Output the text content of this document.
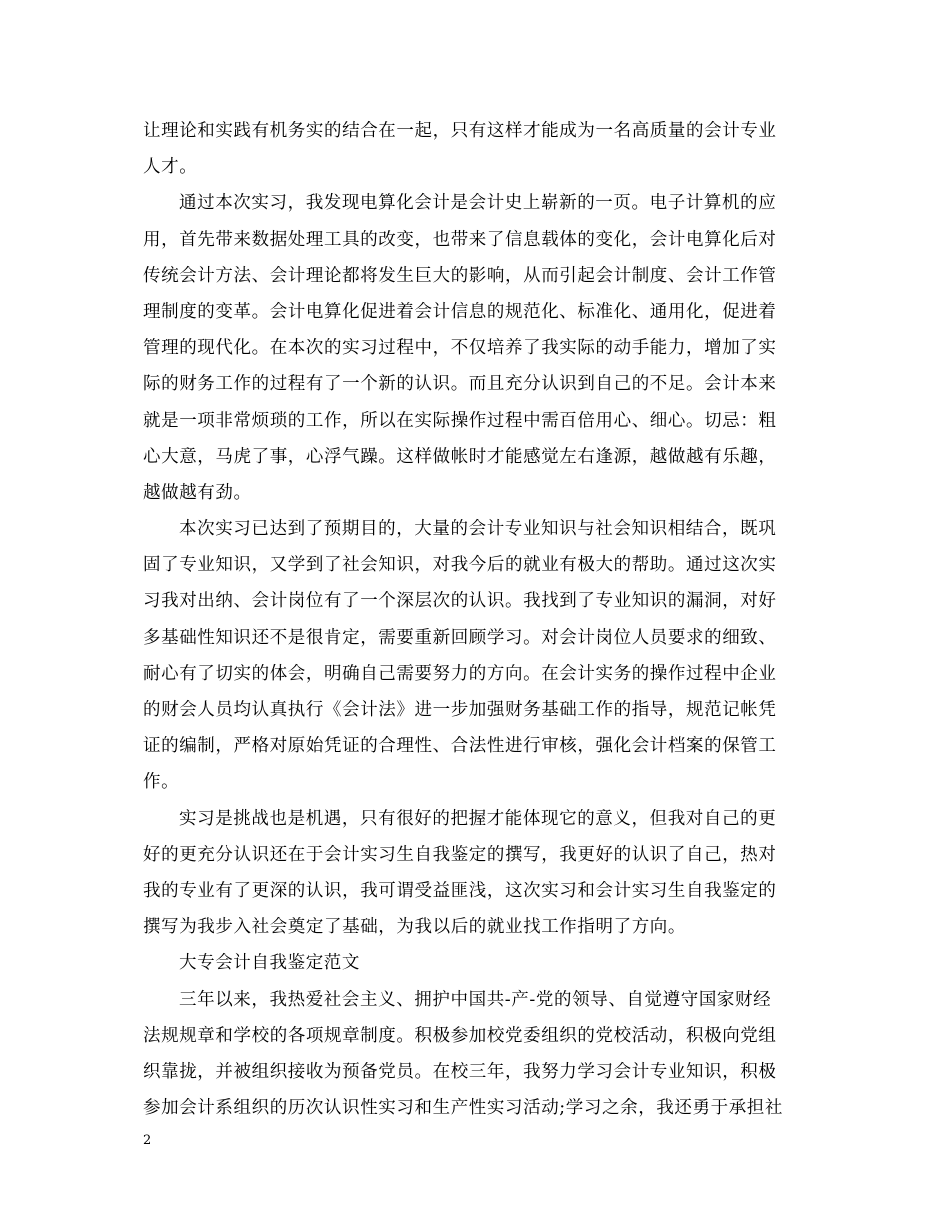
让理论和实践有机务实的结合在一起，只有这样才能成为一名高质量的会计专业
人才。
通过本次实习，我发现电算化会计是会计史上崭新的一页。电子计算机的应
用，首先带来数据处理工具的改变，也带来了信息载体的变化，会计电算化后对
传统会计方法、会计理论都将发生巨大的影响，从而引起会计制度、会计工作管
理制度的变革。会计电算化促进着会计信息的规范化、标准化、通用化，促进着
管理的现代化。在本次的实习过程中，不仅培养了我实际的动手能力，增加了实
际的财务工作的过程有了一个新的认识。而且充分认识到自己的不足。会计本来
就是一项非常烦琐的工作，所以在实际操作过程中需百倍用心、细心。切忌：粗
心大意，马虎了事，心浮气躁。这样做帐时才能感觉左右逢源，越做越有乐趣，
越做越有劲。
本次实习已达到了预期目的，大量的会计专业知识与社会知识相结合，既巩
固了专业知识，又学到了社会知识，对我今后的就业有极大的帮助。通过这次实
习我对出纳、会计岗位有了一个深层次的认识。我找到了专业知识的漏洞，对好
多基础性知识还不是很肯定，需要重新回顾学习。对会计岗位人员要求的细致、
耐心有了切实的体会，明确自己需要努力的方向。在会计实务的操作过程中企业
的财会人员均认真执行《会计法》进一步加强财务基础工作的指导，规范记帐凭
证的编制，严格对原始凭证的合理性、合法性进行审核，强化会计档案的保管工
作。
实习是挑战也是机遇，只有很好的把握才能体现它的意义，但我对自己的更
好的更充分认识还在于会计实习生自我鉴定的撰写，我更好的认识了自己，热对
我的专业有了更深的认识，我可谓受益匪浅，这次实习和会计实习生自我鉴定的
撰写为我步入社会奠定了基础，为我以后的就业找工作指明了方向。
大专会计自我鉴定范文
三年以来，我热爱社会主义、拥护中国共-产-党的领导、自觉遵守国家财经
法规规章和学校的各项规章制度。积极参加校党委组织的党校活动，积极向党组
织靠拢，并被组织接收为预备党员。在校三年，我努力学习会计专业知识，积极
参加会计系组织的历次认识性实习和生产性实习活动;学习之余，我还勇于承担社
2
